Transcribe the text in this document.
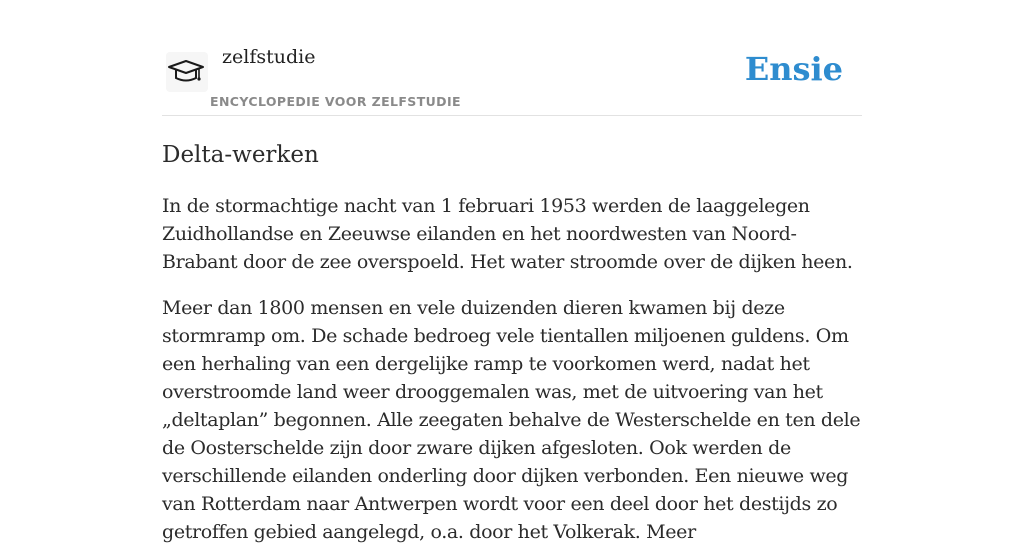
zelfstudie
ENCYCLOPEDIE VOOR ZELFSTUDIE
Ensie
Delta-werken

In de stormachtige nacht van 1 februari 1953 werden de laaggelegen Zuidhollandse en Zeeuwse eilanden en het noordwesten van Noord-Brabant door de zee overspoeld. Het water stroomde over de dijken heen.

Meer dan 1800 mensen en vele duizenden dieren kwamen bij deze stormramp om. De schade bedroeg vele tientallen miljoenen guldens. Om een herhaling van een dergelijke ramp te voorkomen werd, nadat het overstroomde land weer drooggemalen was, met de uitvoering van het „deltaplan” begonnen. Alle zeegaten behalve de Westerschelde en ten dele de Oosterschelde zijn door zware dijken afgesloten. Ook werden de verschillende eilanden onderling door dijken verbonden. Een nieuwe weg van Rotterdam naar Antwerpen wordt voor een deel door het destijds zo getroffen gebied aangelegd, o.a. door het Volkerak. Meer
